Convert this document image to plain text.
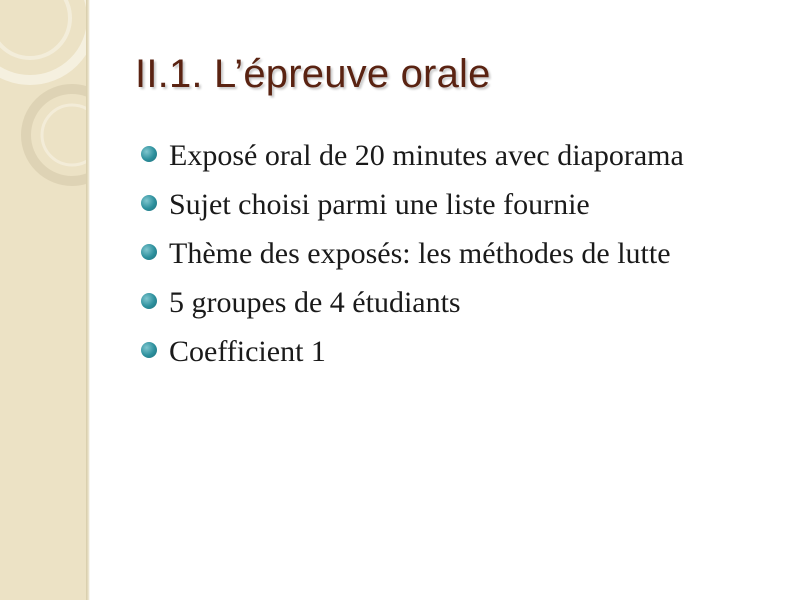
II.1. L’épreuve orale
Exposé oral de 20 minutes avec diaporama
Sujet choisi parmi une liste fournie
Thème des exposés: les méthodes de lutte
5 groupes de 4 étudiants
Coefficient 1
